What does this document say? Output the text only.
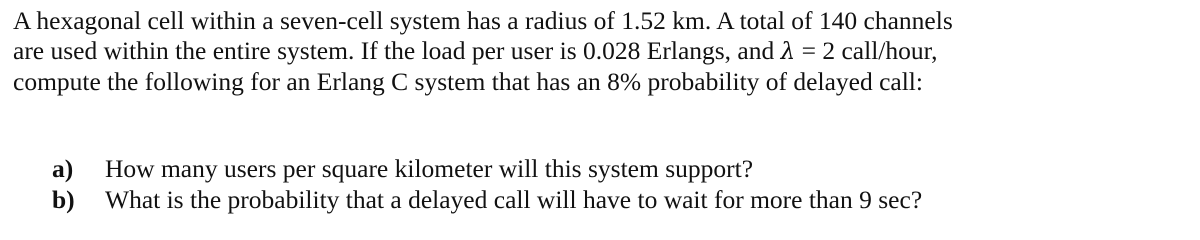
A hexagonal cell within a seven-cell system has a radius of 1.52 km. A total of 140 channels
are used within the entire system. If the load per user is 0.028 Erlangs, and λ = 2 call/hour,
compute the following for an Erlang C system that has an 8% probability of delayed call:
a) How many users per square kilometer will this system support?
b) What is the probability that a delayed call will have to wait for more than 9 sec?
